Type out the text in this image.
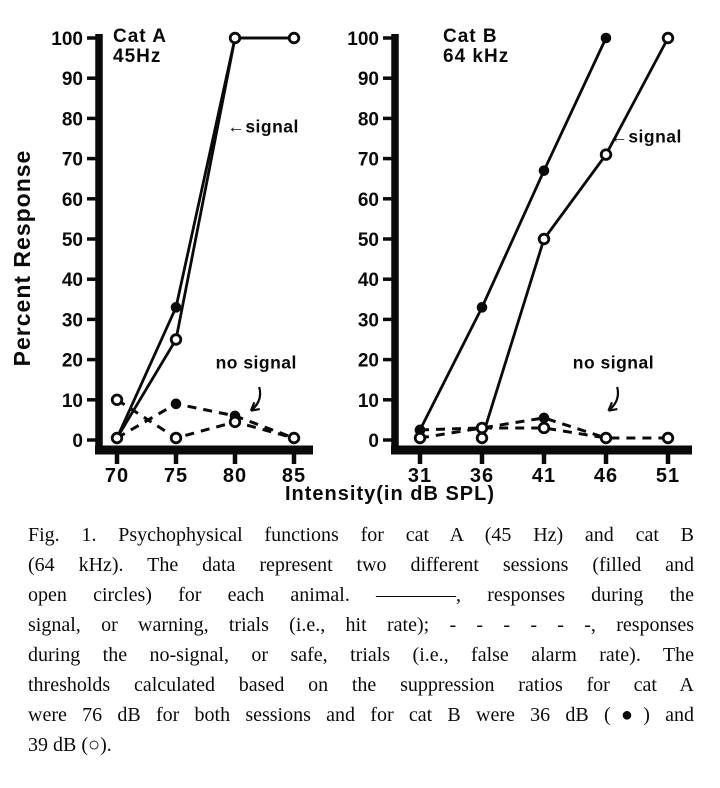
100
90
80
70
60
50
40
30
20
10
0
70 75 80 85
Cat A
45Hz
←signal
no signal
100
90
80
70
60
50
40
30
20
10
0
31 36 41 46 51
Cat B
64 kHz
←signal
no signal
Percent Response
Intensity(in dB SPL)
Fig. 1. Psychophysical functions for cat A (45 Hz) and cat B
(64 kHz). The data represent two different sessions (filled and
open circles) for each animal. ————, responses during the
signal, or warning, trials (i.e., hit rate); - - - - - -, responses
during the no-signal, or safe, trials (i.e., false alarm rate). The
thresholds calculated based on the suppression ratios for cat A
were 76 dB for both sessions and for cat B were 36 dB (●) and
39 dB (○).
